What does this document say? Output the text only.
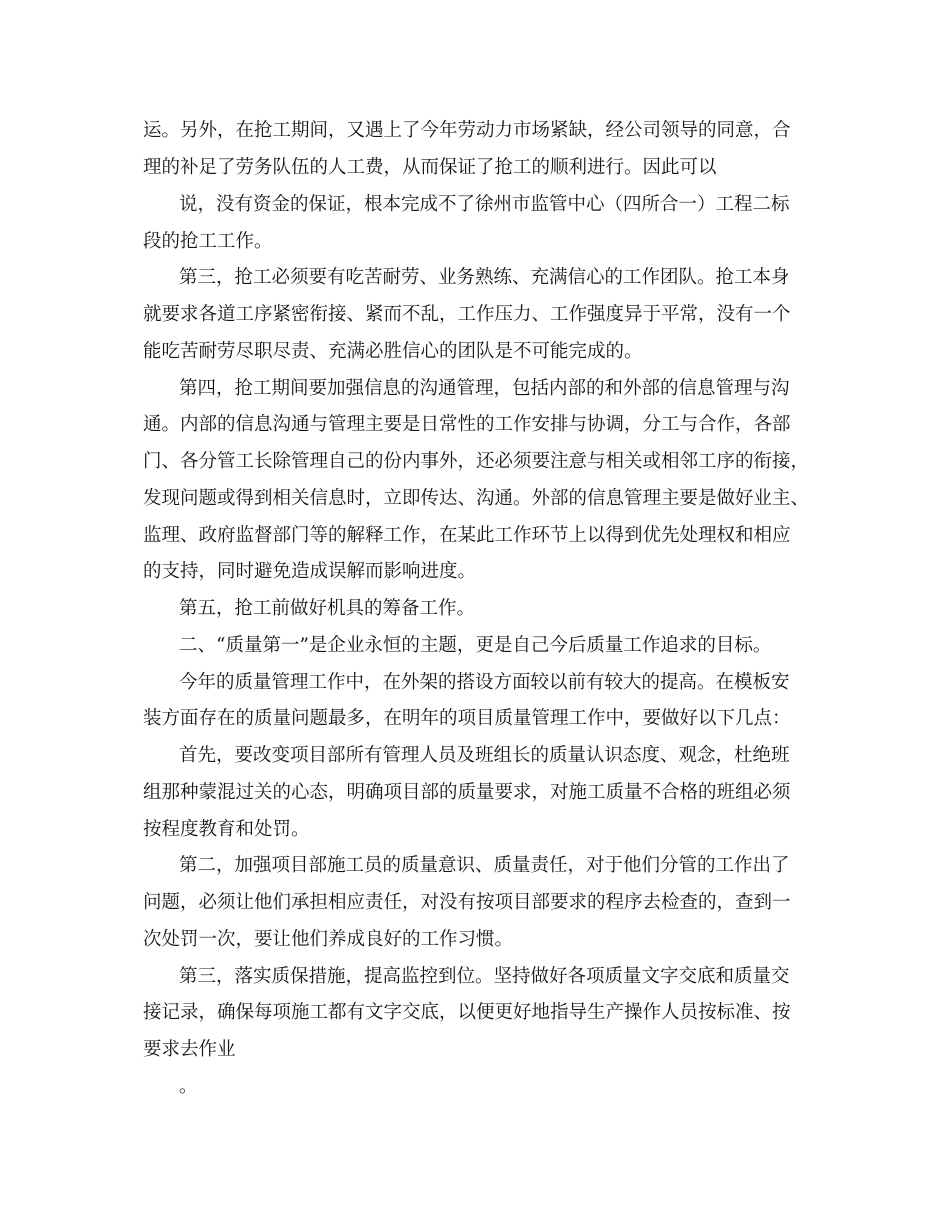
运。另外，在抢工期间，又遇上了今年劳动力市场紧缺，经公司领导的同意，合

理的补足了劳务队伍的人工费，从而保证了抢工的顺利进行。因此可以

说，没有资金的保证，根本完成不了徐州市监管中心（四所合一）工程二标

段的抢工工作。

第三，抢工必须要有吃苦耐劳、业务熟练、充满信心的工作团队。抢工本身

就要求各道工序紧密衔接、紧而不乱，工作压力、工作强度异于平常，没有一个

能吃苦耐劳尽职尽责、充满必胜信心的团队是不可能完成的。

第四，抢工期间要加强信息的沟通管理，包括内部的和外部的信息管理与沟

通。内部的信息沟通与管理主要是日常性的工作安排与协调，分工与合作，各部

门、各分管工长除管理自己的份内事外，还必须要注意与相关或相邻工序的衔接，

发现问题或得到相关信息时，立即传达、沟通。外部的信息管理主要是做好业主、

监理、政府监督部门等的解释工作，在某此工作环节上以得到优先处理权和相应

的支持，同时避免造成误解而影响进度。

第五，抢工前做好机具的筹备工作。

二、“质量第一”是企业永恒的主题，更是自己今后质量工作追求的目标。

今年的质量管理工作中，在外架的搭设方面较以前有较大的提高。在模板安

装方面存在的质量问题最多，在明年的项目质量管理工作中，要做好以下几点：

首先，要改变项目部所有管理人员及班组长的质量认识态度、观念，杜绝班

组那种蒙混过关的心态，明确项目部的质量要求，对施工质量不合格的班组必须

按程度教育和处罚。

第二，加强项目部施工员的质量意识、质量责任，对于他们分管的工作出了

问题，必须让他们承担相应责任，对没有按项目部要求的程序去检查的，查到一

次处罚一次，要让他们养成良好的工作习惯。

第三，落实质保措施，提高监控到位。坚持做好各项质量文字交底和质量交

接记录，确保每项施工都有文字交底，以便更好地指导生产操作人员按标准、按

要求去作业

。
